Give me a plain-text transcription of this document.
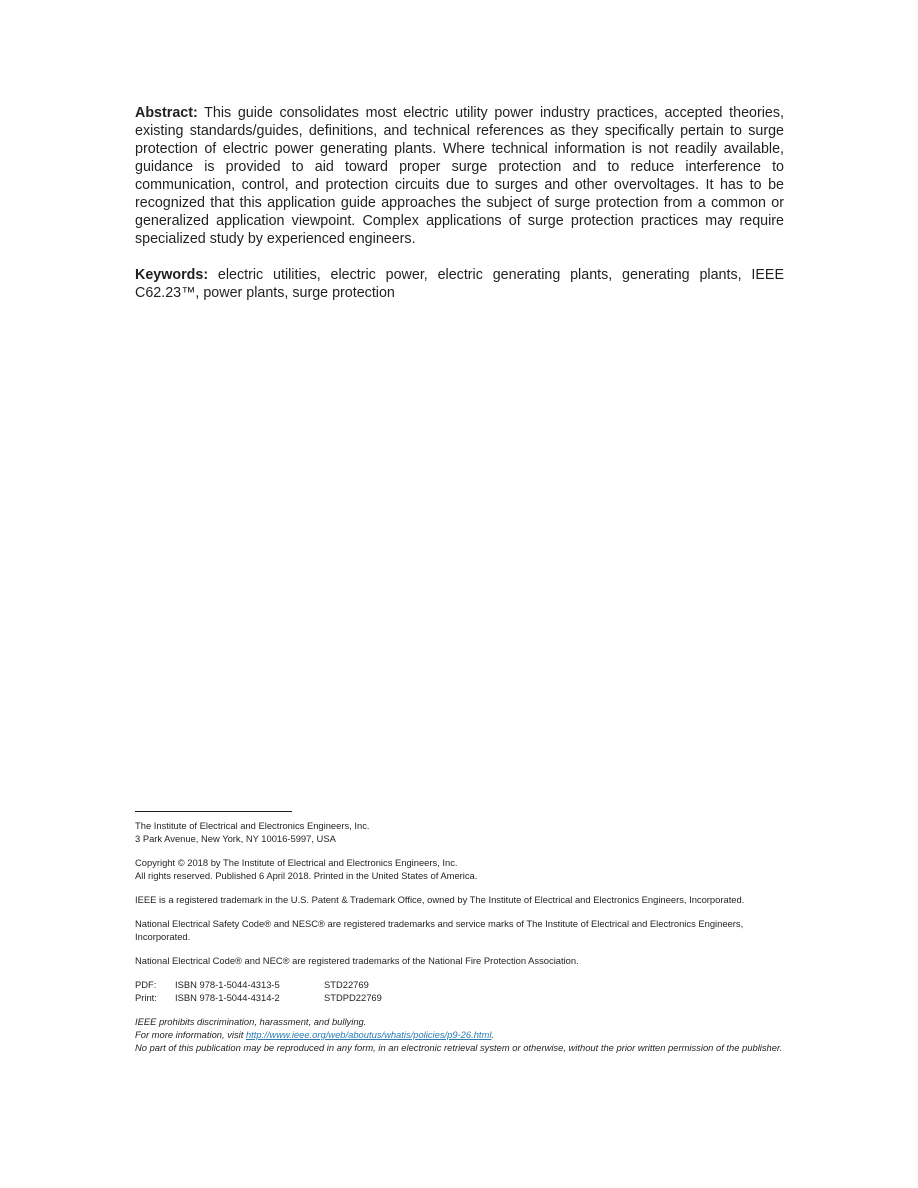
Abstract: This guide consolidates most electric utility power industry practices, accepted theories, existing standards/guides, definitions, and technical references as they specifically pertain to surge protection of electric power generating plants. Where technical information is not readily available, guidance is provided to aid toward proper surge protection and to reduce interference to communication, control, and protection circuits due to surges and other overvoltages. It has to be recognized that this application guide approaches the subject of surge protection from a common or generalized application viewpoint. Complex applications of surge protection practices may require specialized study by experienced engineers.

Keywords: electric utilities, electric power, electric generating plants, generating plants, IEEE C62.23™, power plants, surge protection

The Institute of Electrical and Electronics Engineers, Inc.
3 Park Avenue, New York, NY 10016-5997, USA
Copyright © 2018 by The Institute of Electrical and Electronics Engineers, Inc.
All rights reserved. Published 6 April 2018. Printed in the United States of America.

IEEE is a registered trademark in the U.S. Patent & Trademark Office, owned by The Institute of Electrical and Electronics Engineers, Incorporated.

National Electrical Safety Code® and NESC® are registered trademarks and service marks of The Institute of Electrical and Electronics Engineers, Incorporated.

National Electrical Code® and NEC® are registered trademarks of the National Fire Protection Association.

PDF:	ISBN 978-1-5044-4313-5	STD22769
Print:	ISBN 978-1-5044-4314-2	STDPD22769
IEEE prohibits discrimination, harassment, and bullying.
For more information, visit http://www.ieee.org/web/aboutus/whatis/policies/p9-26.html.
No part of this publication may be reproduced in any form, in an electronic retrieval system or otherwise, without the prior written permission of the publisher.
